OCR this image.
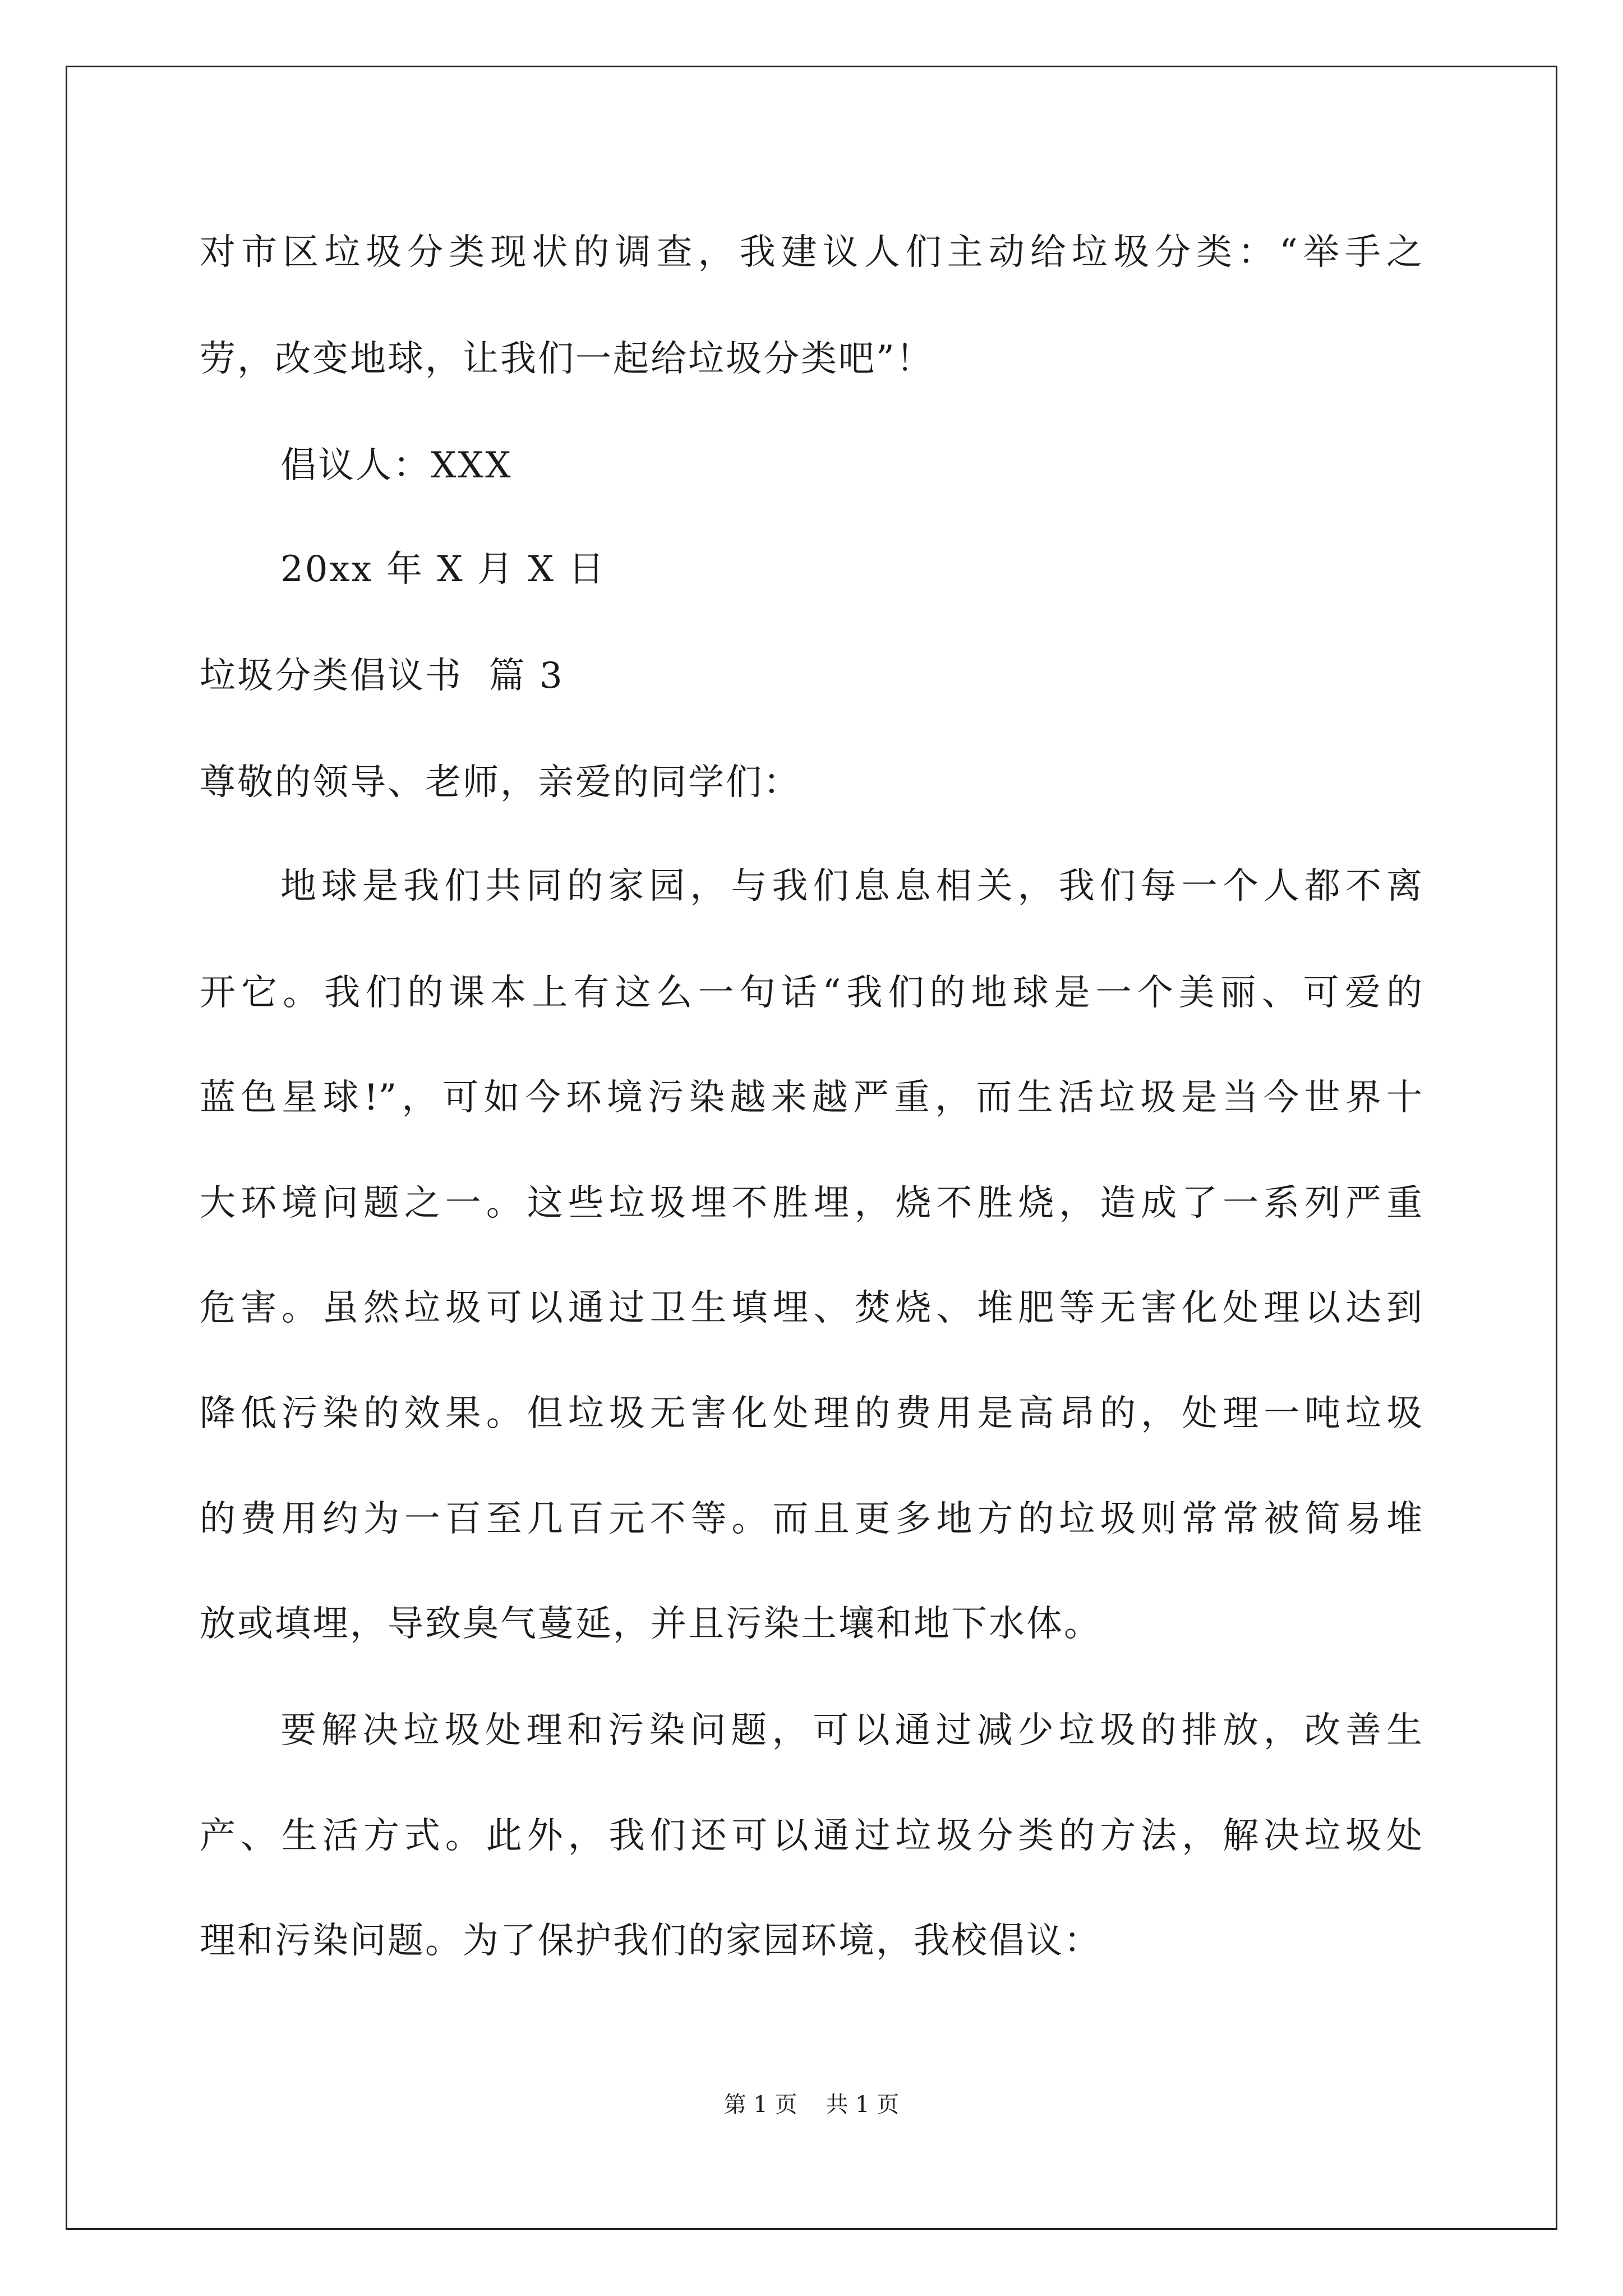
对市区垃圾分类现状的调查，我建议人们主动给垃圾分类：“举手之
劳，改变地球，让我们一起给垃圾分类吧”！
倡议人：XXX
20xx 年 X 月 X 日
垃圾分类倡议书  篇 3
尊敬的领导、老师，亲爱的同学们：
地球是我们共同的家园，与我们息息相关，我们每一个人都不离
开它。我们的课本上有这么一句话“我们的地球是一个美丽、可爱的
蓝色星球!”，可如今环境污染越来越严重，而生活垃圾是当今世界十
大环境问题之一。这些垃圾埋不胜埋，烧不胜烧，造成了一系列严重
危害。虽然垃圾可以通过卫生填埋、焚烧、堆肥等无害化处理以达到
降低污染的效果。但垃圾无害化处理的费用是高昂的，处理一吨垃圾
的费用约为一百至几百元不等。而且更多地方的垃圾则常常被简易堆
放或填埋，导致臭气蔓延，并且污染土壤和地下水体。
要解决垃圾处理和污染问题，可以通过减少垃圾的排放，改善生
产、生活方式。此外，我们还可以通过垃圾分类的方法，解决垃圾处
理和污染问题。为了保护我们的家园环境，我校倡议：
第 1 页    共 1 页
